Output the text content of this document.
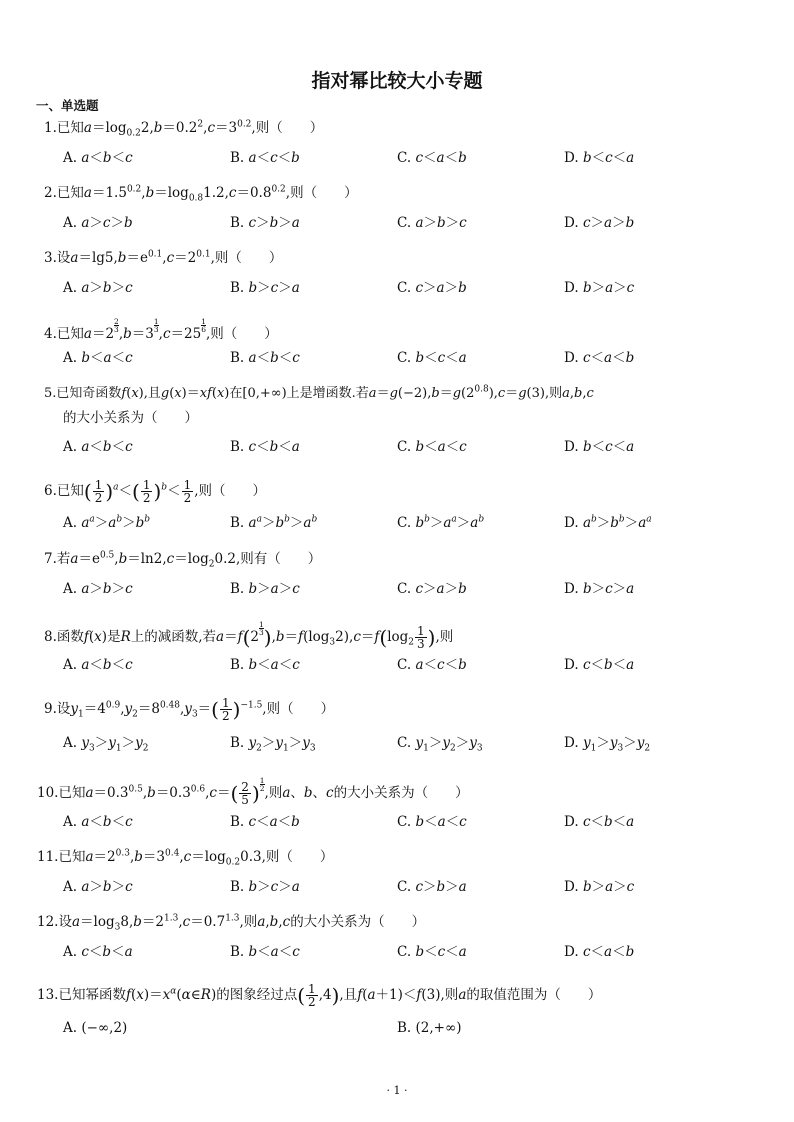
指对幂比较大小专题
一、单选题
1.已知$a=\log_{0.2}2,b=0.2^2,c=3^{0.2}$,则（　　）
A. a＜b＜c	B. a＜c＜b	C. c＜a＜b	D. b＜c＜a
2.已知$a=1.5^{0.2},b=\log_{0.8}1.2,c=0.8^{0.2}$,则（　　）
A. a＞c＞b	B. c＞b＞a	C. a＞b＞c	D. c＞a＞b
3.设$a=\lg 5,b=e^{0.1},c=2^{0.1}$,则（　　）
A. a＞b＞c	B. b＞c＞a	C. c＞a＞b	D. b＞a＞c
4.已知a＝2
$\frac{2}{3}$
,b＝3
$\frac{1}{3}$
,c＝25
$\frac{1}{6}$
,则（　　）
A. b＜a＜c	B. a＜b＜c	C. b＜c＜a	D. c＜a＜b
5.已知奇函数f(x),且g(x)＝xf(x)在[0,+∞)上是增函数.若$a=g(-2),b=g(2^{0.8}),c=g(3)$,则a,b,c
的大小关系为（　　）
A. a＜b＜c	B. c＜b＜a	C. b＜a＜c	D. b＜c＜a
6.已知( $\frac{1}{2} )^a<( \frac{1}{2} )^b< \frac{1}{2}$ ,则（　　）
A. $a^a>a^b>b^b$	B. $a^a>b^b>a^b$	C. $b^b>a^a>a^b$	D. $a^b>b^b>a^a$
7.若$a=e^{0.5},b=\ln 2,c=\log_20.2$,则有（　　）
A. a＞b＞c	B. b＞a＞c	C. c＞a＞b	D. b＞c＞a
8.函数f(x)是R上的减函数,若a＝f(2
$\frac{1}{3} ),b=f(\log_32),c=f(\log_2 \frac{1}{3}$ ),则
A. a＜b＜c	B. b＜a＜c	C. a＜c＜b	D. c＜b＜a
9.设$y_1=4^{0.9},y_2=8^{0.48},y_3=( \frac{1}{2} )^{-1.5}$,则（　　）
A. $y_3>y_1>y_2$	B. $y_2>y_1>y_3$	C. $y_1>y_2>y_3$	D. $y_1>y_3>y_2$
10.已知$a=0.3^{0.5},b=0.3^{0.6},c=( \frac{2}{5}$ ) $\frac{1}{2}$
,则a、b、c的大小关系为（　　）
A. a＜b＜c	B. c＜a＜b	C. b＜a＜c	D. c＜b＜a
11.已知$a=2^{0.3},b=3^{0.4},c=\log_{0.2}0.3$,则（　　）
A. a＞b＞c	B. b＞c＞a	C. c＞b＞a	D. b＞a＞c
12.设$a=\log_38,b=2^{1.3},c=0.7^{1.3}$,则a,b,c的大小关系为（　　）
A. c＜b＜a	B. b＜a＜c	C. b＜c＜a	D. c＜a＜b
13.已知幂函数$f(x)=x^\alpha(\alpha\in R)$的图象经过点( $\frac{1}{2} ,4$),且f(a＋1)＜f(3),则a的取值范围为（　　）
A. (−∞,2)	B. (2,+∞)
· 1 ·
